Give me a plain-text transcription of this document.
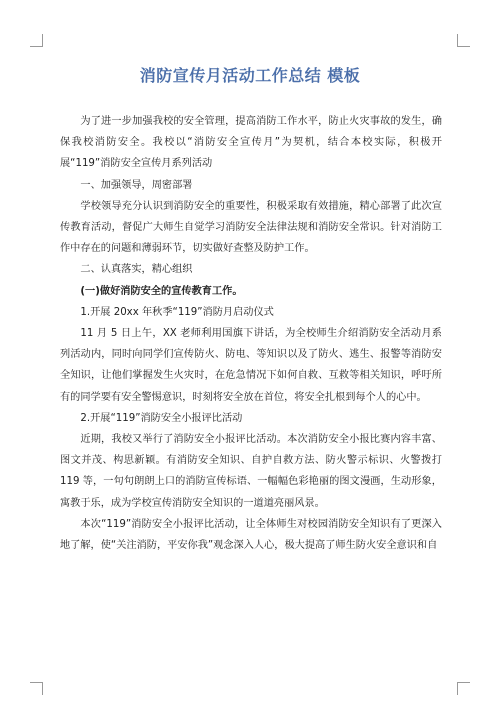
消防宣传月活动工作总结 模板

为了进一步加强我校的安全管理，提高消防工作水平，防止火灾事故的发生，确保我校消防安全。我校以“消防安全宣传月”为契机，结合本校实际，积极开展“119”消防安全宣传月系列活动

一、加强领导，周密部署

学校领导充分认识到消防安全的重要性，积极采取有效措施，精心部署了此次宣传教育活动，督促广大师生自觉学习消防安全法律法规和消防安全常识。针对消防工作中存在的问题和薄弱环节，切实做好查整及防护工作。

二、认真落实，精心组织

(一)做好消防安全的宣传教育工作。

1.开展 20xx 年秋季“119”消防月启动仪式

11 月 5 日上午，XX 老师利用国旗下讲话，为全校师生介绍消防安全活动月系列活动内，同时向同学们宣传防火、防电、等知识以及了防火、逃生、报警等消防安全知识，让他们掌握发生火灾时，在危急情况下如何自救、互救等相关知识，呼吁所有的同学要有安全警惕意识，时刻将安全放在首位，将安全扎根到每个人的心中。

2.开展“119”消防安全小报评比活动

近期，我校又举行了消防安全小报评比活动。本次消防安全小报比赛内容丰富、图文并茂、构思新颖。有消防安全知识、自护自救方法、防火警示标识、火警拨打 119 等，一句句朗朗上口的消防宣传标语、一幅幅色彩艳丽的图文漫画，生动形象，寓教于乐，成为学校宣传消防安全知识的一道道亮丽风景。

本次“119”消防安全小报评比活动，让全体师生对校园消防安全知识有了更深入地了解，使“关注消防，平安你我”观念深入人心，极大提高了师生防火安全意识和自
